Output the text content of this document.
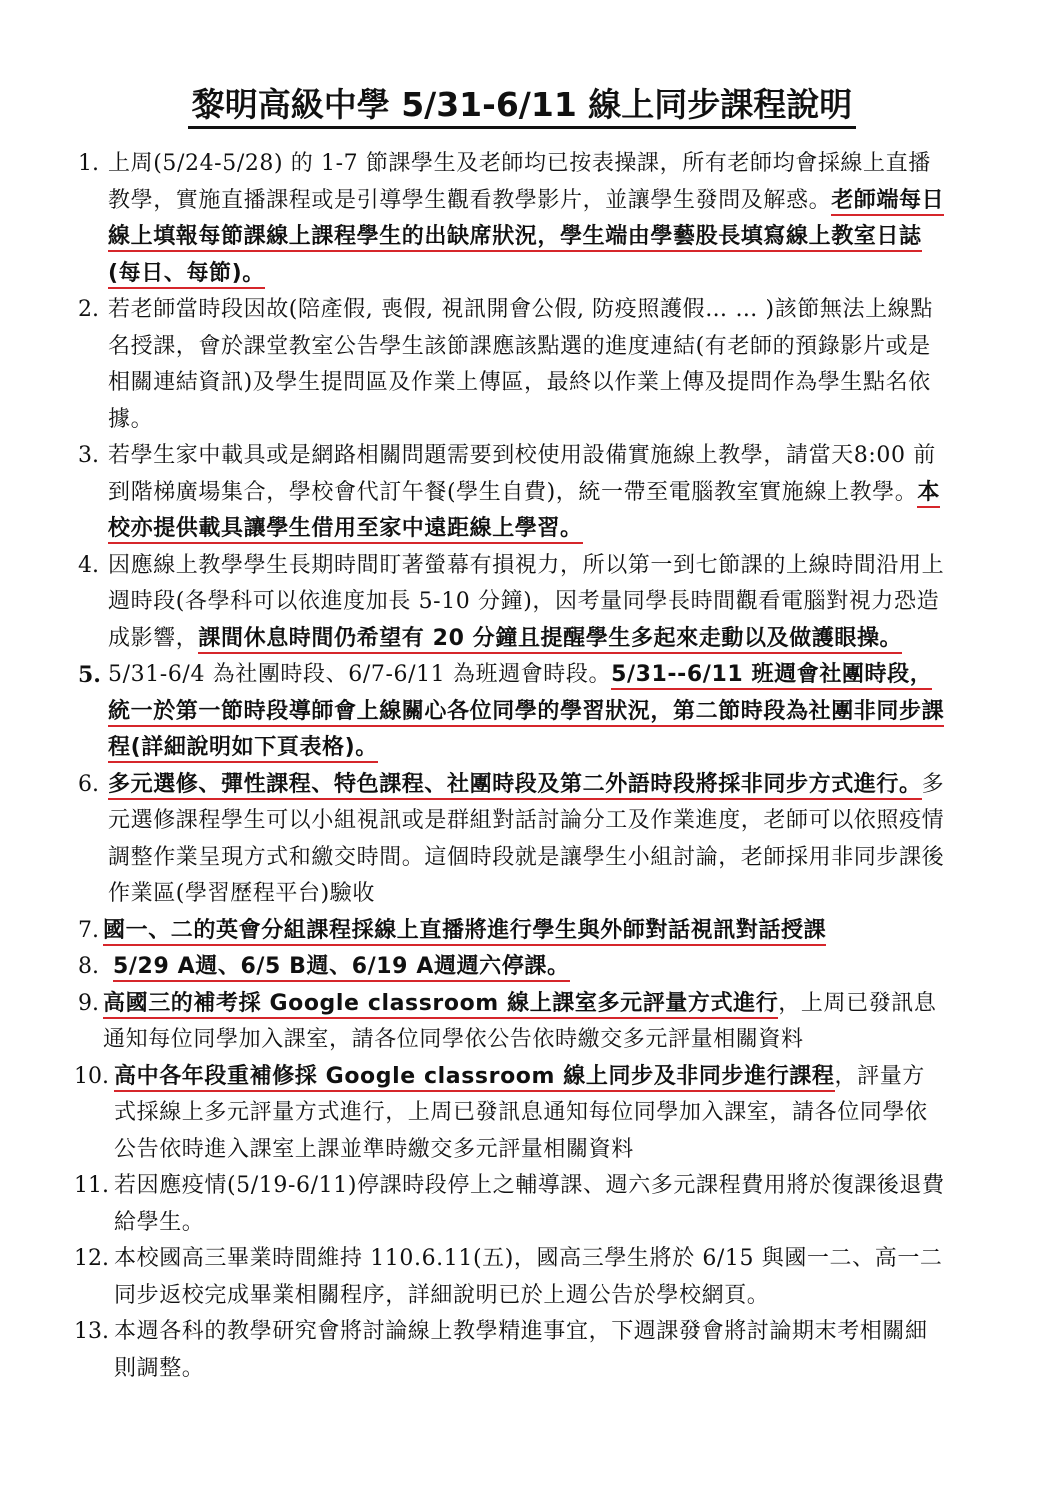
黎明高級中學 5/31-6/11 線上同步課程說明
1. 上周(5/24-5/28) 的 1-7 節課學生及老師均已按表操課，所有老師均會採線上直播教學，實施直播課程或是引導學生觀看教學影片，並讓學生發問及解惑。老師端每日線上填報每節課線上課程學生的出缺席狀況，學生端由學藝股長填寫線上教室日誌(每日、每節)。
2. 若老師當時段因故(陪產假, 喪假, 視訊開會公假, 防疫照護假… … )該節無法上線點名授課，會於課堂教室公告學生該節課應該點選的進度連結(有老師的預錄影片或是相關連結資訊)及學生提問區及作業上傳區，最終以作業上傳及提問作為學生點名依據。
3. 若學生家中載具或是網路相關問題需要到校使用設備實施線上教學，請當天8:00 前到階梯廣場集合，學校會代訂午餐(學生自費)，統一帶至電腦教室實施線上教學。本校亦提供載具讓學生借用至家中遠距線上學習。
4. 因應線上教學學生長期時間盯著螢幕有損視力，所以第一到七節課的上線時間沿用上週時段(各學科可以依進度加長 5-10 分鐘)，因考量同學長時間觀看電腦對視力恐造成影響，課間休息時間仍希望有 20 分鐘且提醒學生多起來走動以及做護眼操。
5. 5/31-6/4 為社團時段、6/7-6/11 為班週會時段。5/31--6/11 班週會社團時段，統一於第一節時段導師會上線關心各位同學的學習狀況，第二節時段為社團非同步課程(詳細說明如下頁表格)。
6. 多元選修、彈性課程、特色課程、社團時段及第二外語時段將採非同步方式進行。多元選修課程學生可以小組視訊或是群組對話討論分工及作業進度，老師可以依照疫情調整作業呈現方式和繳交時間。這個時段就是讓學生小組討論，老師採用非同步課後作業區(學習歷程平台)驗收
7. 國一、二的英會分組課程採線上直播將進行學生與外師對話視訊對話授課
8. 5/29 A週、6/5 B週、6/19 A週週六停課。
9. 高國三的補考採 Google classroom 線上課室多元評量方式進行，上周已發訊息通知每位同學加入課室，請各位同學依公告依時繳交多元評量相關資料
10. 高中各年段重補修採 Google classroom 線上同步及非同步進行課程，評量方式採線上多元評量方式進行，上周已發訊息通知每位同學加入課室，請各位同學依公告依時進入課室上課並準時繳交多元評量相關資料
11. 若因應疫情(5/19-6/11)停課時段停上之輔導課、週六多元課程費用將於復課後退費給學生。
12. 本校國高三畢業時間維持 110.6.11(五)，國高三學生將於 6/15 與國一二、高一二同步返校完成畢業相關程序，詳細說明已於上週公告於學校網頁。
13. 本週各科的教學研究會將討論線上教學精進事宜，下週課發會將討論期末考相關細則調整。
